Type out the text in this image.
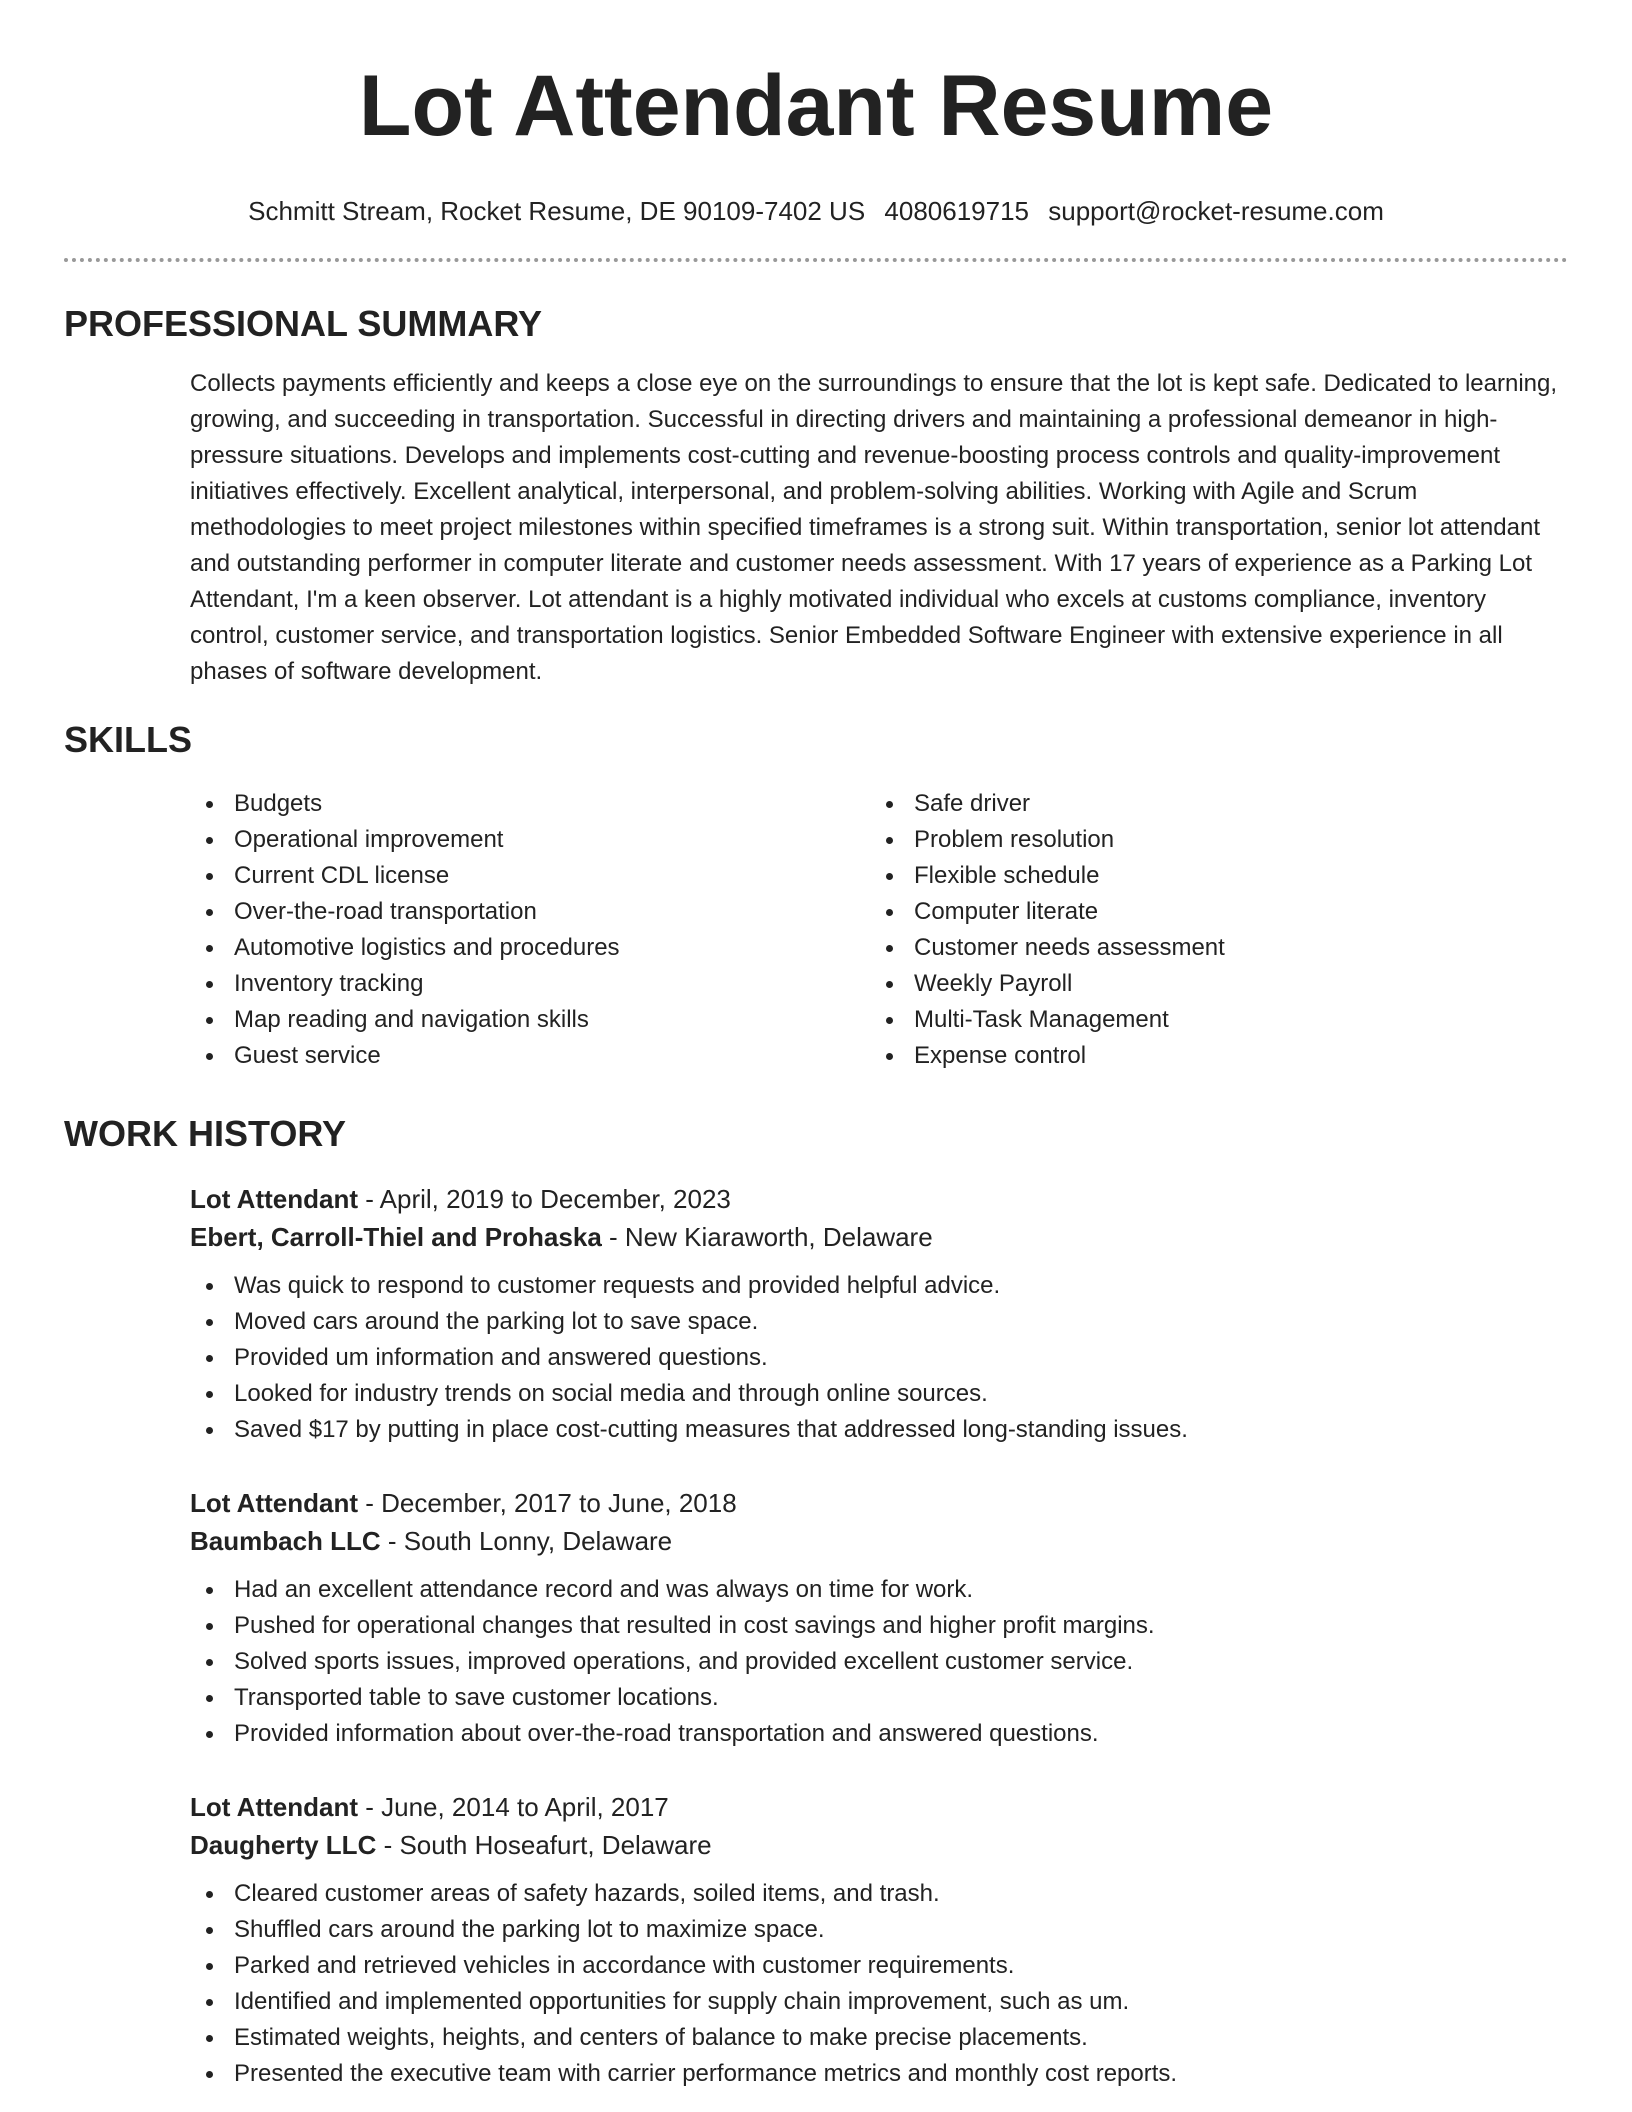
Lot Attendant Resume
Schmitt Stream, Rocket Resume, DE 90109-7402 US 4080619715 support@rocket-resume.com
PROFESSIONAL SUMMARY

Collects payments efficiently and keeps a close eye on the surroundings to ensure that the lot is kept safe. Dedicated to learning, growing, and succeeding in transportation. Successful in directing drivers and maintaining a professional demeanor in high-pressure situations. Develops and implements cost-cutting and revenue-boosting process controls and quality-improvement initiatives effectively. Excellent analytical, interpersonal, and problem-solving abilities. Working with Agile and Scrum methodologies to meet project milestones within specified timeframes is a strong suit. Within transportation, senior lot attendant and outstanding performer in computer literate and customer needs assessment. With 17 years of experience as a Parking Lot Attendant, I'm a keen observer. Lot attendant is a highly motivated individual who excels at customs compliance, inventory control, customer service, and transportation logistics. Senior Embedded Software Engineer with extensive experience in all phases of software development.

SKILLS
Budgets
Operational improvement
Current CDL license
Over-the-road transportation
Automotive logistics and procedures
Inventory tracking
Map reading and navigation skills
Guest service
Safe driver
Problem resolution
Flexible schedule
Computer literate
Customer needs assessment
Weekly Payroll
Multi-Task Management
Expense control
WORK HISTORY
Lot Attendant - April, 2019 to December, 2023
Ebert, Carroll-Thiel and Prohaska - New Kiaraworth, Delaware
Was quick to respond to customer requests and provided helpful advice.
Moved cars around the parking lot to save space.
Provided um information and answered questions.
Looked for industry trends on social media and through online sources.
Saved $17 by putting in place cost-cutting measures that addressed long-standing issues.
Lot Attendant - December, 2017 to June, 2018
Baumbach LLC - South Lonny, Delaware
Had an excellent attendance record and was always on time for work.
Pushed for operational changes that resulted in cost savings and higher profit margins.
Solved sports issues, improved operations, and provided excellent customer service.
Transported table to save customer locations.
Provided information about over-the-road transportation and answered questions.
Lot Attendant - June, 2014 to April, 2017
Daugherty LLC - South Hoseafurt, Delaware
Cleared customer areas of safety hazards, soiled items, and trash.
Shuffled cars around the parking lot to maximize space.
Parked and retrieved vehicles in accordance with customer requirements.
Identified and implemented opportunities for supply chain improvement, such as um.
Estimated weights, heights, and centers of balance to make precise placements.
Presented the executive team with carrier performance metrics and monthly cost reports.
